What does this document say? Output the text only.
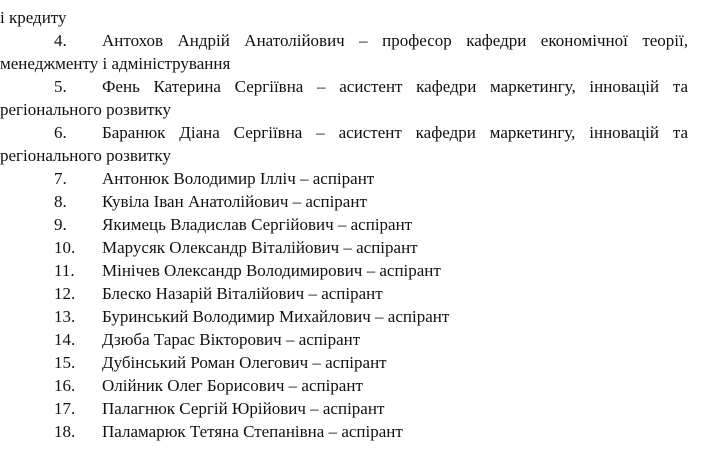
і кредиту
4. Антохов Андрій Анатолійович – професор кафедри економічної теорії,
менеджменту і адміністрування
5. Фень Катерина Сергіївна – асистент кафедри маркетингу, інновацій та
регіонального розвитку
6. Баранюк Діана Сергіївна – асистент кафедри маркетингу, інновацій та
регіонального розвитку
7. Антонюк Володимир Ілліч – аспірант
8. Кувіла Іван Анатолійович – аспірант
9. Якимець Владислав Сергійович – аспірант
10. Марусяк Олександр Віталійович – аспірант
11. Мінічев Олександр Володимирович – аспірант
12. Блеско Назарій Віталійович – аспірант
13. Буринський Володимир Михайлович – аспірант
14. Дзюба Тарас Вікторович – аспірант
15. Дубінський Роман Олегович – аспірант
16. Олійник Олег Борисович – аспірант
17. Палагнюк Сергій Юрійович – аспірант
18. Паламарюк Тетяна Степанівна – аспірант
